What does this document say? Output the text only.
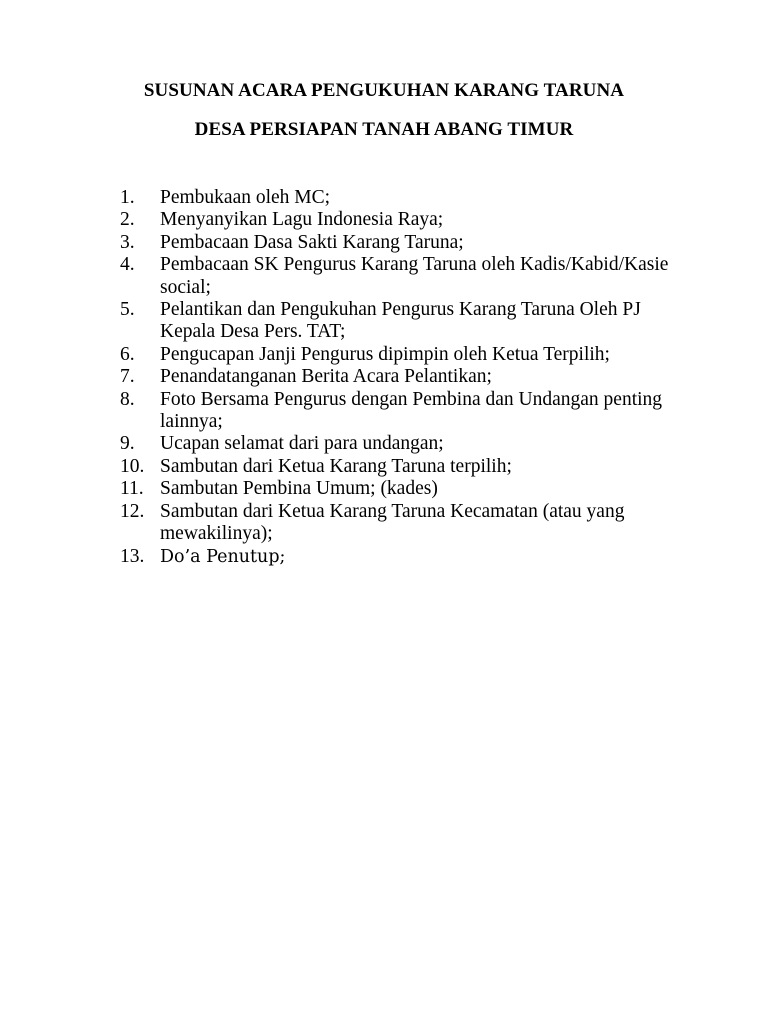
SUSUNAN ACARA PENGUKUHAN KARANG TARUNA
DESA PERSIAPAN TANAH ABANG TIMUR
1.	Pembukaan oleh MC;
2.	Menyanyikan Lagu Indonesia Raya;
3.	Pembacaan Dasa Sakti Karang Taruna;
4.	Pembacaan SK Pengurus Karang Taruna oleh Kadis/Kabid/Kasie social;
5.	Pelantikan dan Pengukuhan Pengurus Karang Taruna Oleh PJ Kepala Desa Pers. TAT;
6.	Pengucapan Janji Pengurus dipimpin oleh Ketua Terpilih;
7.	Penandatanganan Berita Acara Pelantikan;
8.	Foto Bersama Pengurus dengan Pembina dan Undangan penting lainnya;
9.	Ucapan selamat dari para undangan;
10. Sambutan dari Ketua Karang Taruna terpilih;
11. Sambutan Pembina Umum; (kades)
12. Sambutan dari Ketua Karang Taruna Kecamatan (atau yang mewakilinya);
13. Do’a Penutup;
